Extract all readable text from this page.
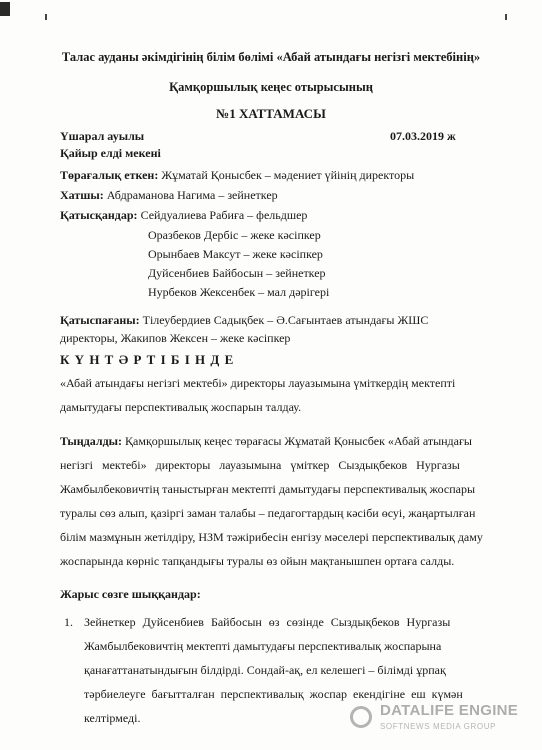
Талас ауданы әкімдігінің білім бөлімі «Абай атындағы негізгі мектебінің»
Қамқоршылық кеңес отырысының
№1 ХАТТАМАСЫ
Үшарал ауылы	07.03.2019 ж
Қайыр елді мекені
Төрағалық еткен: Жұматай Қонысбек – мәдениет үйінің директоры
Хатшы: Абдраманова Нагима – зейнеткер
Қатысқандар: Сейдуалиева Рабиға – фельдшер
Оразбеков Дербіс – жеке кәсіпкер
Орынбаев Максут – жеке кәсіпкер
Дуйсенбиев Байбосын – зейнеткер
Нурбеков Жексенбек – мал дәрігері
Қатыспағаны: Тілеубердиев Садықбек – Ә.Сағынтаев атындағы ЖШС
директоры, Жакипов Жексен – жеке кәсіпкер
К Ү Н Т Ә Р Т І Б І Н Д Е
«Абай атындағы негізгі мектебі» директоры лауазымына үміткердің мектепті
дамытудағы перспективалық жоспарын талдау.
Тыңдалды: Қамқоршылық кеңес төрағасы Жұматай Қонысбек «Абай атындағы
негізгі мектебі» директоры лауазымына үміткер Сыздықбеков Нургазы
Жамбылбековичтің таныстырған мектепті дамытудағы перспективалық жоспары
туралы сөз алып, қазіргі заман талабы – педагогтардың кәсіби өсуі, жаңартылған
білім мазмұнын жетілдіру, НЗМ тәжірибесін енгізу мәселері перспективалық даму
жоспарында көрніс тапқандығы туралы өз ойын мақтанышпен ортаға салды.
Жарыс сөзге шыққандар:
1. Зейнеткер Дуйсенбиев Байбосын өз сөзінде Сыздықбеков Нургазы
Жамбылбековичтің мектепті дамытудағы перспективалық жоспарына
қанағаттанатындығын білдірді. Сондай-ақ, ел келешегі – білімді ұрпақ
тәрбиелеуге бағытталған перспективалық жоспар екендігіне еш күмән
келтірмеді.	DATALIFE ENGINE
SOFTNEWS MEDIA GROUP
